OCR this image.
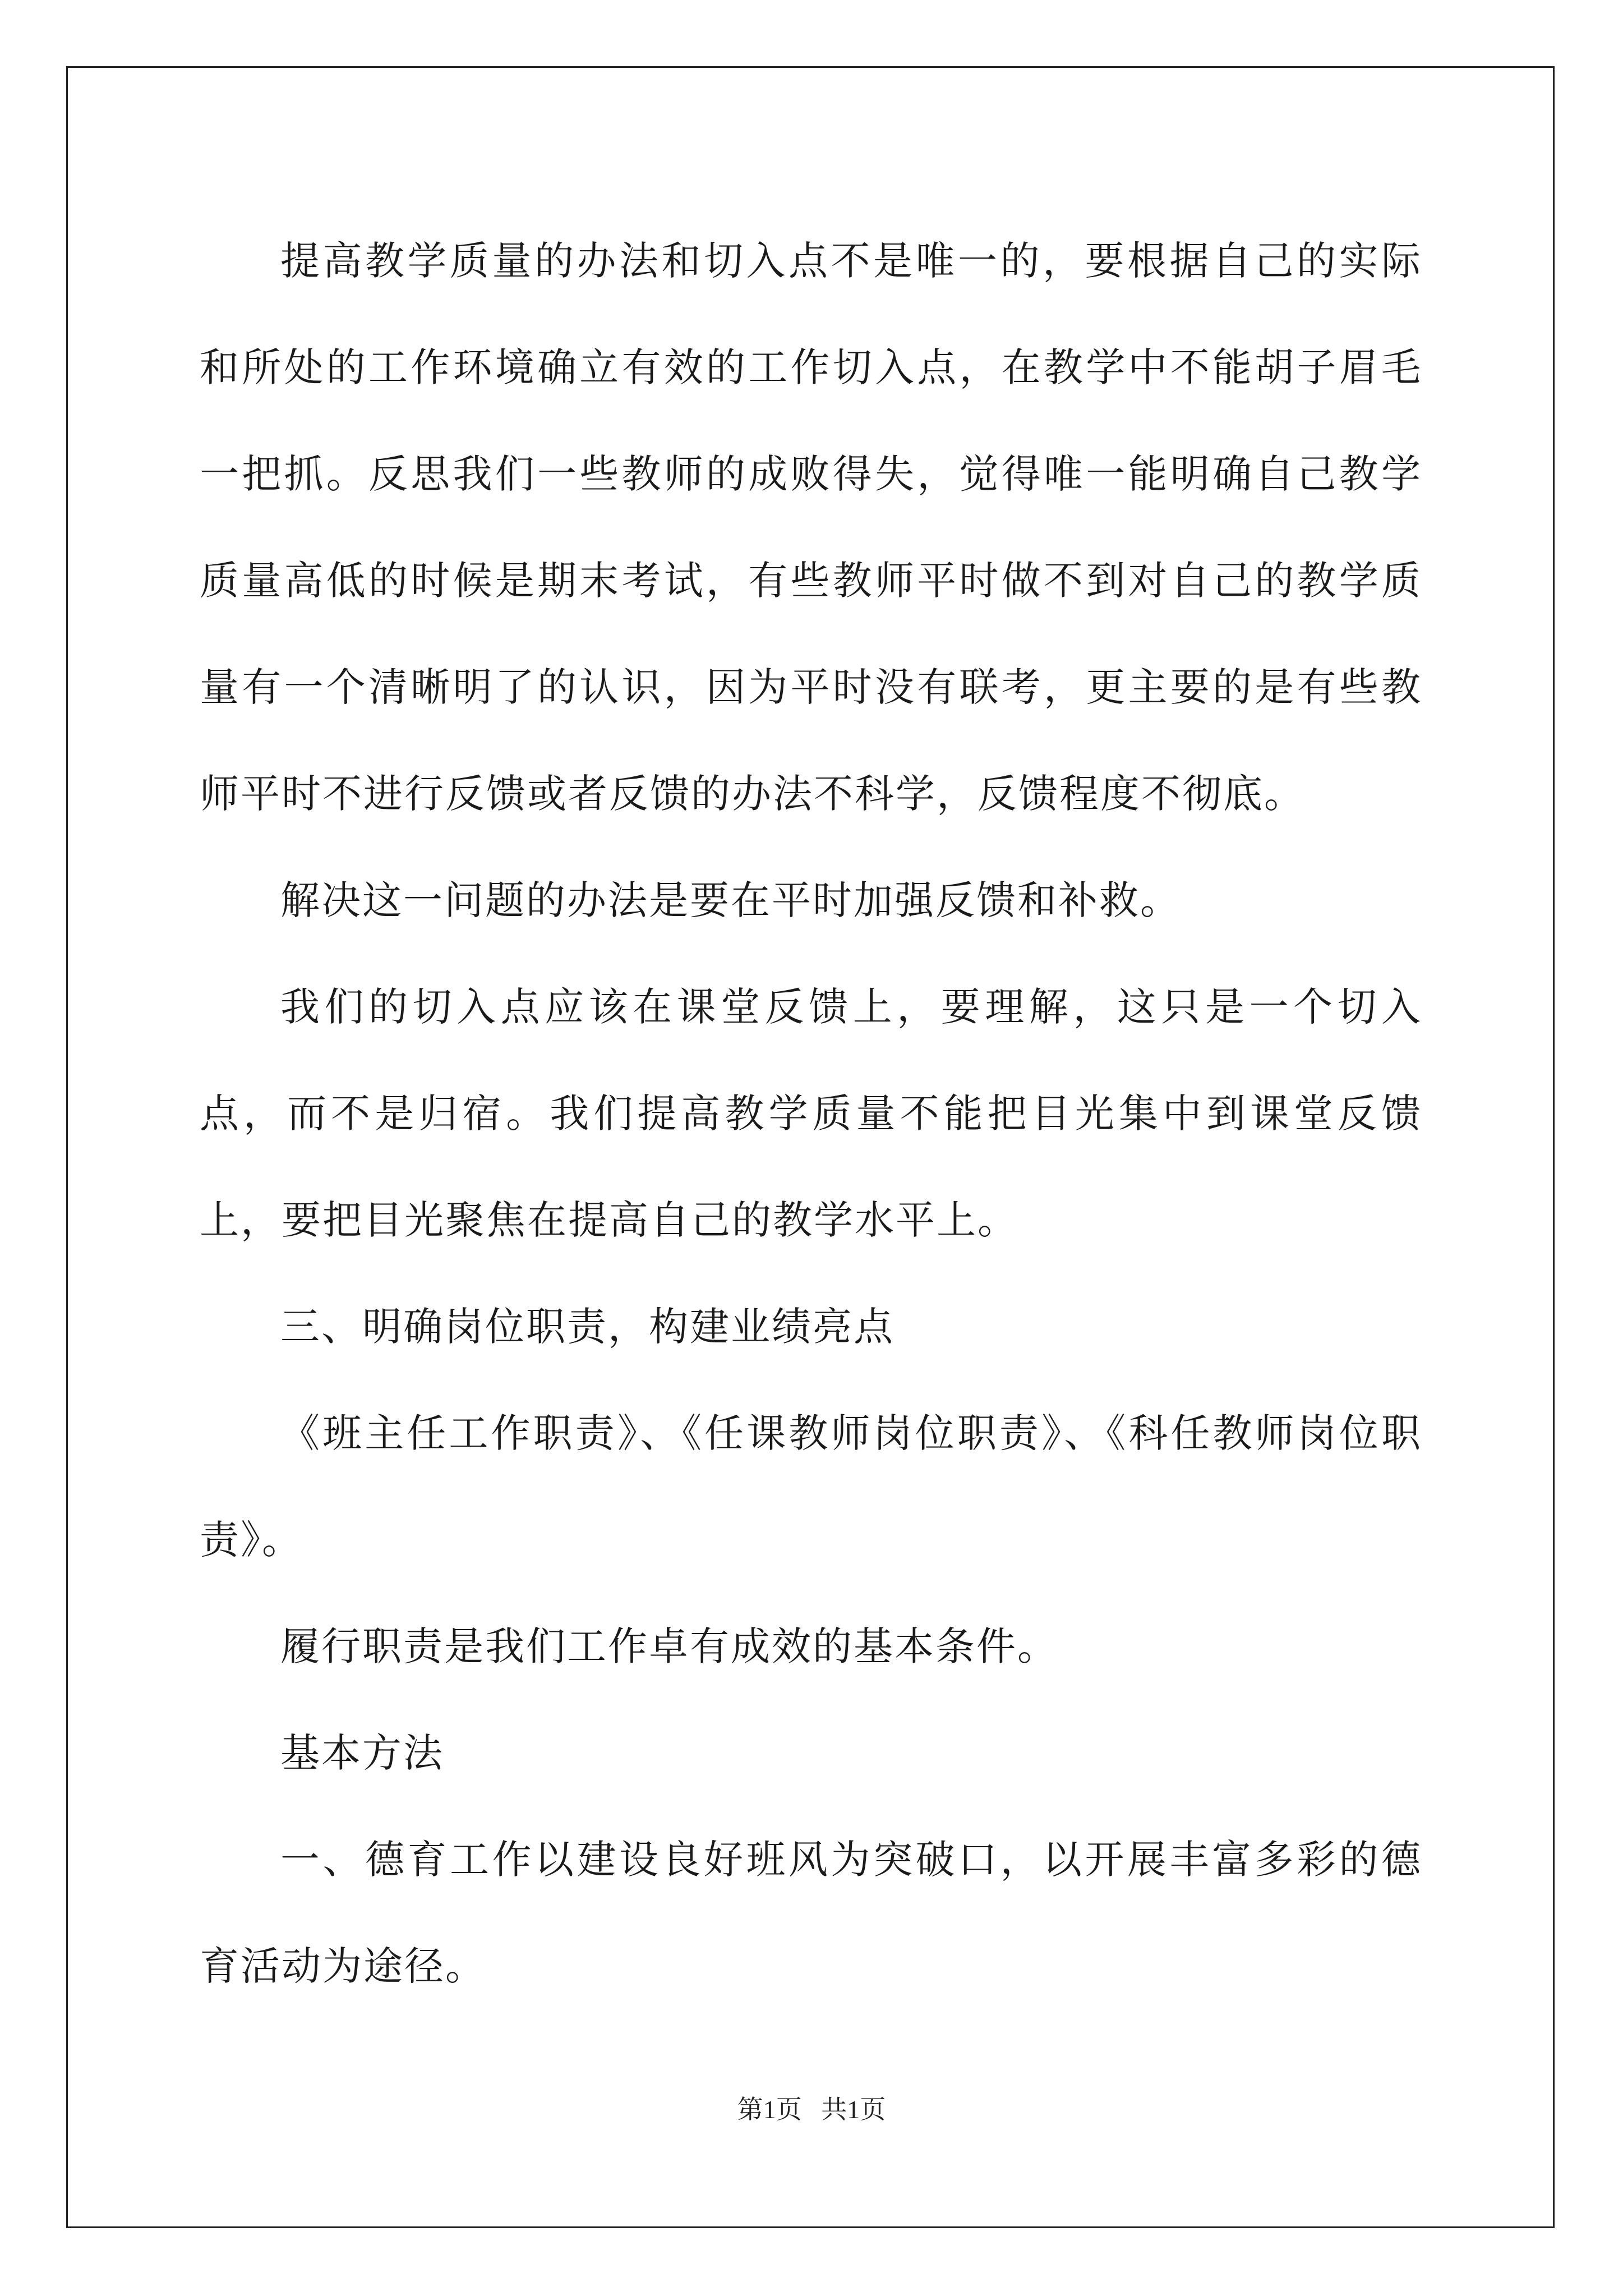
提高教学质量的办法和切入点不是唯一的，要根据自己的实际和所处的工作环境确立有效的工作切入点，在教学中不能胡子眉毛一把抓。反思我们一些教师的成败得失，觉得唯一能明确自己教学质量高低的时候是期末考试，有些教师平时做不到对自己的教学质量有一个清晰明了的认识，因为平时没有联考，更主要的是有些教师平时不进行反馈或者反馈的办法不科学，反馈程度不彻底。

解决这一问题的办法是要在平时加强反馈和补救。

我们的切入点应该在课堂反馈上，要理解，这只是一个切入点，而不是归宿。我们提高教学质量不能把目光集中到课堂反馈上，要把目光聚焦在提高自己的教学水平上。

三、明确岗位职责，构建业绩亮点

《班主任工作职责》、《任课教师岗位职责》、《科任教师岗位职责》。

履行职责是我们工作卓有成效的基本条件。

基本方法

一、德育工作以建设良好班风为突破口，以开展丰富多彩的德育活动为途径。

第1页   共1页
